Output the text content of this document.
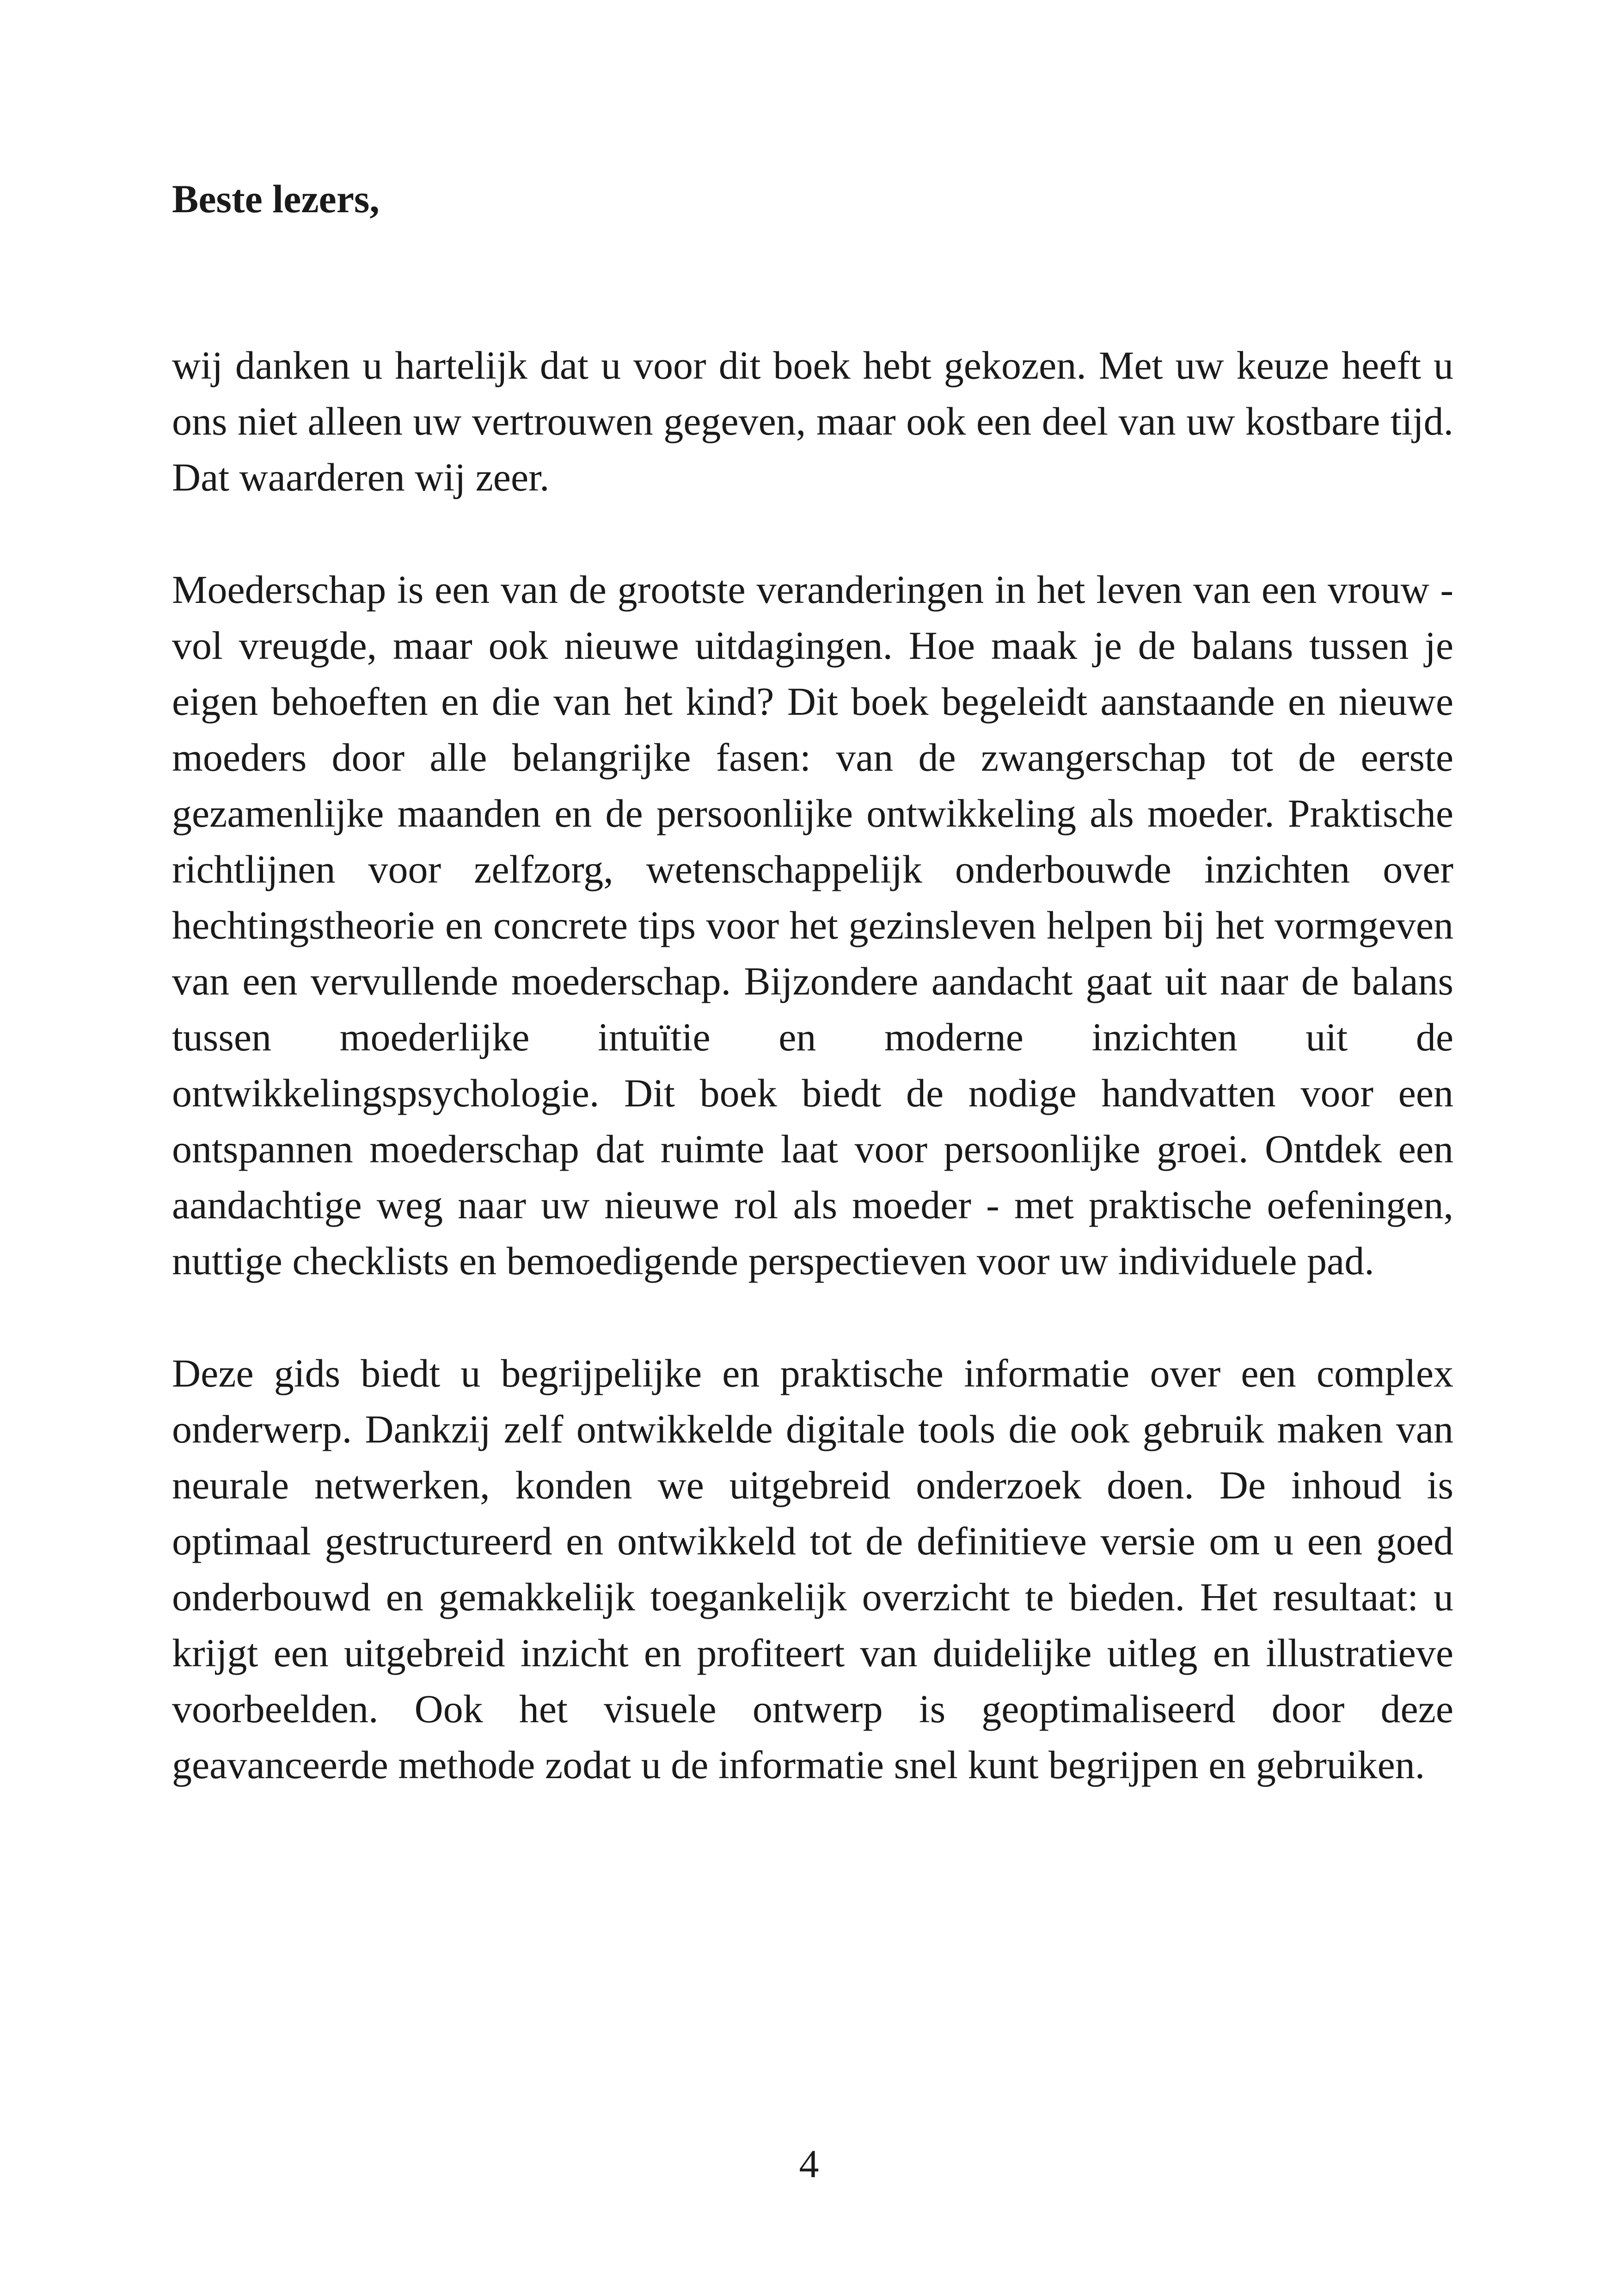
Beste lezers,

wij danken u hartelijk dat u voor dit boek hebt gekozen. Met uw keuze heeft u ons niet alleen uw vertrouwen gegeven, maar ook een deel van uw kostbare tijd. Dat waarderen wij zeer.

Moederschap is een van de grootste veranderingen in het leven van een vrouw - vol vreugde, maar ook nieuwe uitdagingen. Hoe maak je de balans tussen je eigen behoeften en die van het kind? Dit boek begeleidt aanstaande en nieuwe moeders door alle belangrijke fasen: van de zwangerschap tot de eerste gezamenlijke maanden en de persoonlijke ontwikkeling als moeder. Praktische richtlijnen voor zelfzorg, wetenschappelijk onderbouwde inzichten over hechtingstheorie en concrete tips voor het gezinsleven helpen bij het vormgeven van een vervullende moederschap. Bijzondere aandacht gaat uit naar de balans tussen moederlijke intuïtie en moderne inzichten uit de ontwikkelingspsychologie. Dit boek biedt de nodige handvatten voor een ontspannen moederschap dat ruimte laat voor persoonlijke groei. Ontdek een aandachtige weg naar uw nieuwe rol als moeder - met praktische oefeningen, nuttige checklists en bemoedigende perspectieven voor uw individuele pad.

Deze gids biedt u begrijpelijke en praktische informatie over een complex onderwerp. Dankzij zelf ontwikkelde digitale tools die ook gebruik maken van neurale netwerken, konden we uitgebreid onderzoek doen. De inhoud is optimaal gestructureerd en ontwikkeld tot de definitieve versie om u een goed onderbouwd en gemakkelijk toegankelijk overzicht te bieden. Het resultaat: u krijgt een uitgebreid inzicht en profiteert van duidelijke uitleg en illustratieve voorbeelden. Ook het visuele ontwerp is geoptimaliseerd door deze geavanceerde methode zodat u de informatie snel kunt begrijpen en gebruiken.

4
